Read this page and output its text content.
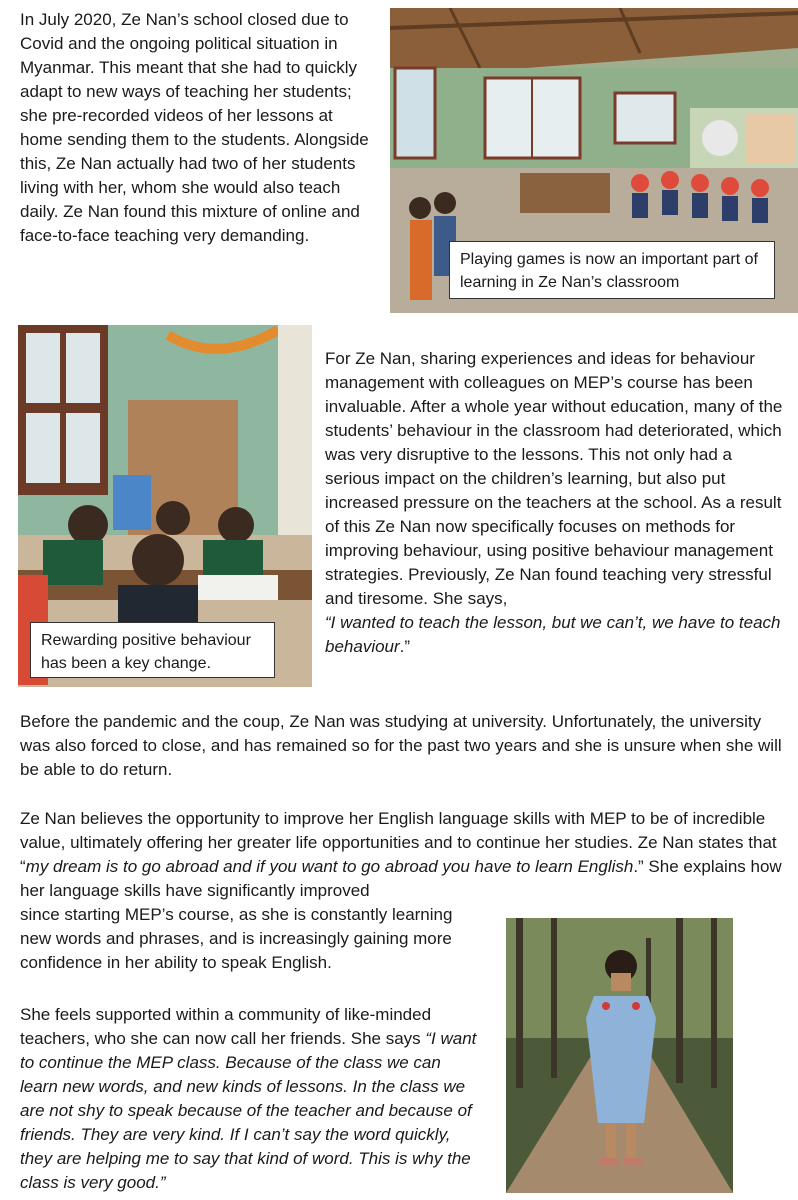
In July 2020, Ze Nan’s school closed due to Covid and the ongoing political situation in Myanmar. This meant that she had to quickly adapt to new ways of teaching her students; she pre-recorded videos of her lessons at home sending them to the students. Alongside this, Ze Nan actually had two of her students living with her, whom she would also teach daily. Ze Nan found this mixture of online and face-to-face teaching very demanding.

Playing games is now an important part of learning in Ze Nan’s classroom
Rewarding positive behaviour has been a key change.

For Ze Nan, sharing experiences and ideas for behaviour management with colleagues on MEP’s course has been invaluable. After a whole year without education, many of the students’ behaviour in the classroom had deteriorated, which was very disruptive to the lessons. This not only had a serious impact on the children’s learning, but also put increased pressure on the teachers at the school. As a result of this Ze Nan now specifically focuses on methods for improving behaviour, using positive behaviour management strategies. Previously, Ze Nan found teaching very stressful and tiresome. She says,
“I wanted to teach the lesson, but we can’t, we have to teach behaviour.”

Before the pandemic and the coup, Ze Nan was studying at university. Unfortunately, the university was also forced to close, and has remained so for the past two years and she is unsure when she will be able to do return.

Ze Nan believes the opportunity to improve her English language skills with MEP to be of incredible value, ultimately offering her greater life opportunities and to continue her studies. Ze Nan states that “my dream is to go abroad and if you want to go abroad you have to learn English.” She explains how her language skills have significantly improved

since starting MEP’s course, as she is constantly learning new words and phrases, and is increasingly gaining more confidence in her ability to speak English.

She feels supported within a community of like-minded teachers, who she can now call her friends. She says “I want to continue the MEP class. Because of the class we can learn new words, and new kinds of lessons. In the class we are not shy to speak because of the teacher and because of friends. They are very kind. If I can’t say the word quickly, they are helping me to say that kind of word. This is why the class is very good.”
